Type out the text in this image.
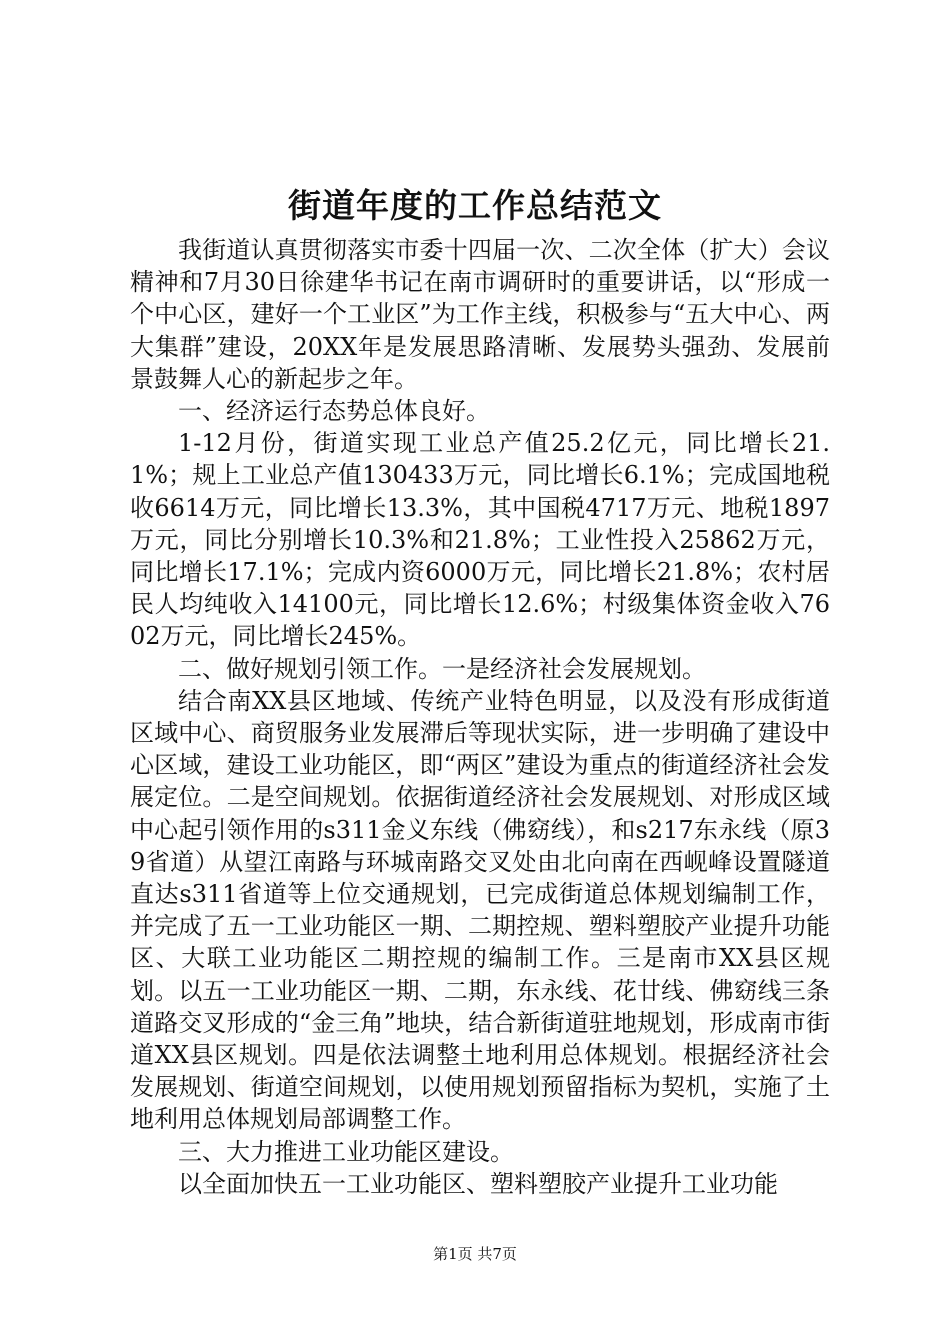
街道年度的工作总结范文

我街道认真贯彻落实市委十四届一次、二次全体（扩大）会议精神和7月30日徐建华书记在南市调研时的重要讲话，以“形成一个中心区，建好一个工业区”为工作主线，积极参与“五大中心、两大集群”建设，20XX年是发展思路清晰、发展势头强劲、发展前景鼓舞人心的新起步之年。

一、经济运行态势总体良好。

1-12月份，街道实现工业总产值25.2亿元，同比增长21.1%；规上工业总产值130433万元，同比增长6.1%；完成国地税收6614万元，同比增长13.3%，其中国税4717万元、地税1897万元，同比分别增长10.3%和21.8%；工业性投入25862万元，同比增长17.1%；完成内资6000万元，同比增长21.8%；农村居民人均纯收入14100元，同比增长12.6%；村级集体资金收入7602万元，同比增长245%。

二、做好规划引领工作。一是经济社会发展规划。

结合南XX县区地域、传统产业特色明显，以及没有形成街道区域中心、商贸服务业发展滞后等现状实际，进一步明确了建设中心区域，建设工业功能区，即“两区”建设为重点的街道经济社会发展定位。二是空间规划。依据街道经济社会发展规划、对形成区域中心起引领作用的s311金义东线（佛窈线），和s217东永线（原39省道）从望江南路与环城南路交叉处由北向南在西岘峰设置隧道直达s311省道等上位交通规划，已完成街道总体规划编制工作，并完成了五一工业功能区一期、二期控规、塑料塑胶产业提升功能区、大联工业功能区二期控规的编制工作。三是南市XX县区规划。以五一工业功能区一期、二期，东永线、花廿线、佛窈线三条道路交叉形成的“金三角”地块，结合新街道驻地规划，形成南市街道XX县区规划。四是依法调整土地利用总体规划。根据经济社会发展规划、街道空间规划，以使用规划预留指标为契机，实施了土地利用总体规划局部调整工作。

三、大力推进工业功能区建设。

以全面加快五一工业功能区、塑料塑胶产业提升工业功能

第1页 共7页
